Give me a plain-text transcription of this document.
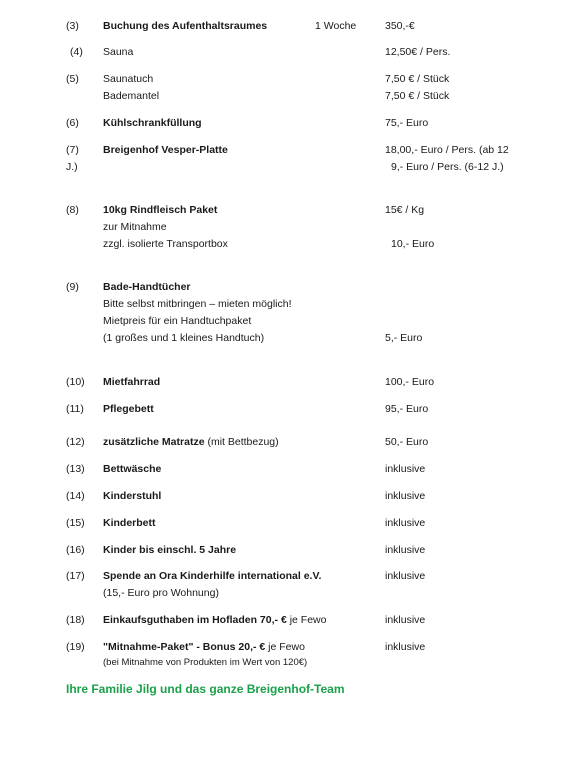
(3) Buchung des Aufenthaltsraumes	1 Woche	350,-€
(4) Sauna	12,50€ / Pers.
(5) Saunatuch	7,50 € / Stück
Bademantel	7,50 € / Stück
(6) Kühlschrankfüllung	75,- Euro
(7) Breigenhof Vesper-Platte	18,00,- Euro / Pers. (ab 12
J.)	9,- Euro / Pers. (6-12 J.)
(8) 10kg Rindfleisch Paket	15€ / Kg
zur Mitnahme
zzgl. isolierte Transportbox	10,- Euro
(9) Bade-Handtücher
Bitte selbst mitbringen – mieten möglich!
Mietpreis für ein Handtuchpaket
(1 großes und 1 kleines Handtuch)	5,- Euro
(10) Mietfahrrad	100,- Euro
(11) Pflegebett	95,- Euro
(12) zusätzliche Matratze (mit Bettbezug)	50,- Euro
(13) Bettwäsche	inklusive
(14) Kinderstuhl	inklusive
(15) Kinderbett	inklusive
(16) Kinder bis einschl. 5 Jahre	inklusive
(17) Spende an Ora Kinderhilfe international e.V.	inklusive
(15,- Euro pro Wohnung)
(18) Einkaufsguthaben im Hofladen 70,- € je Fewo	inklusive
(19) "Mitnahme-Paket" - Bonus 20,- € je Fewo	inklusive
(bei Mitnahme von Produkten im Wert von 120€)
Ihre Familie Jilg und das ganze Breigenhof-Team
